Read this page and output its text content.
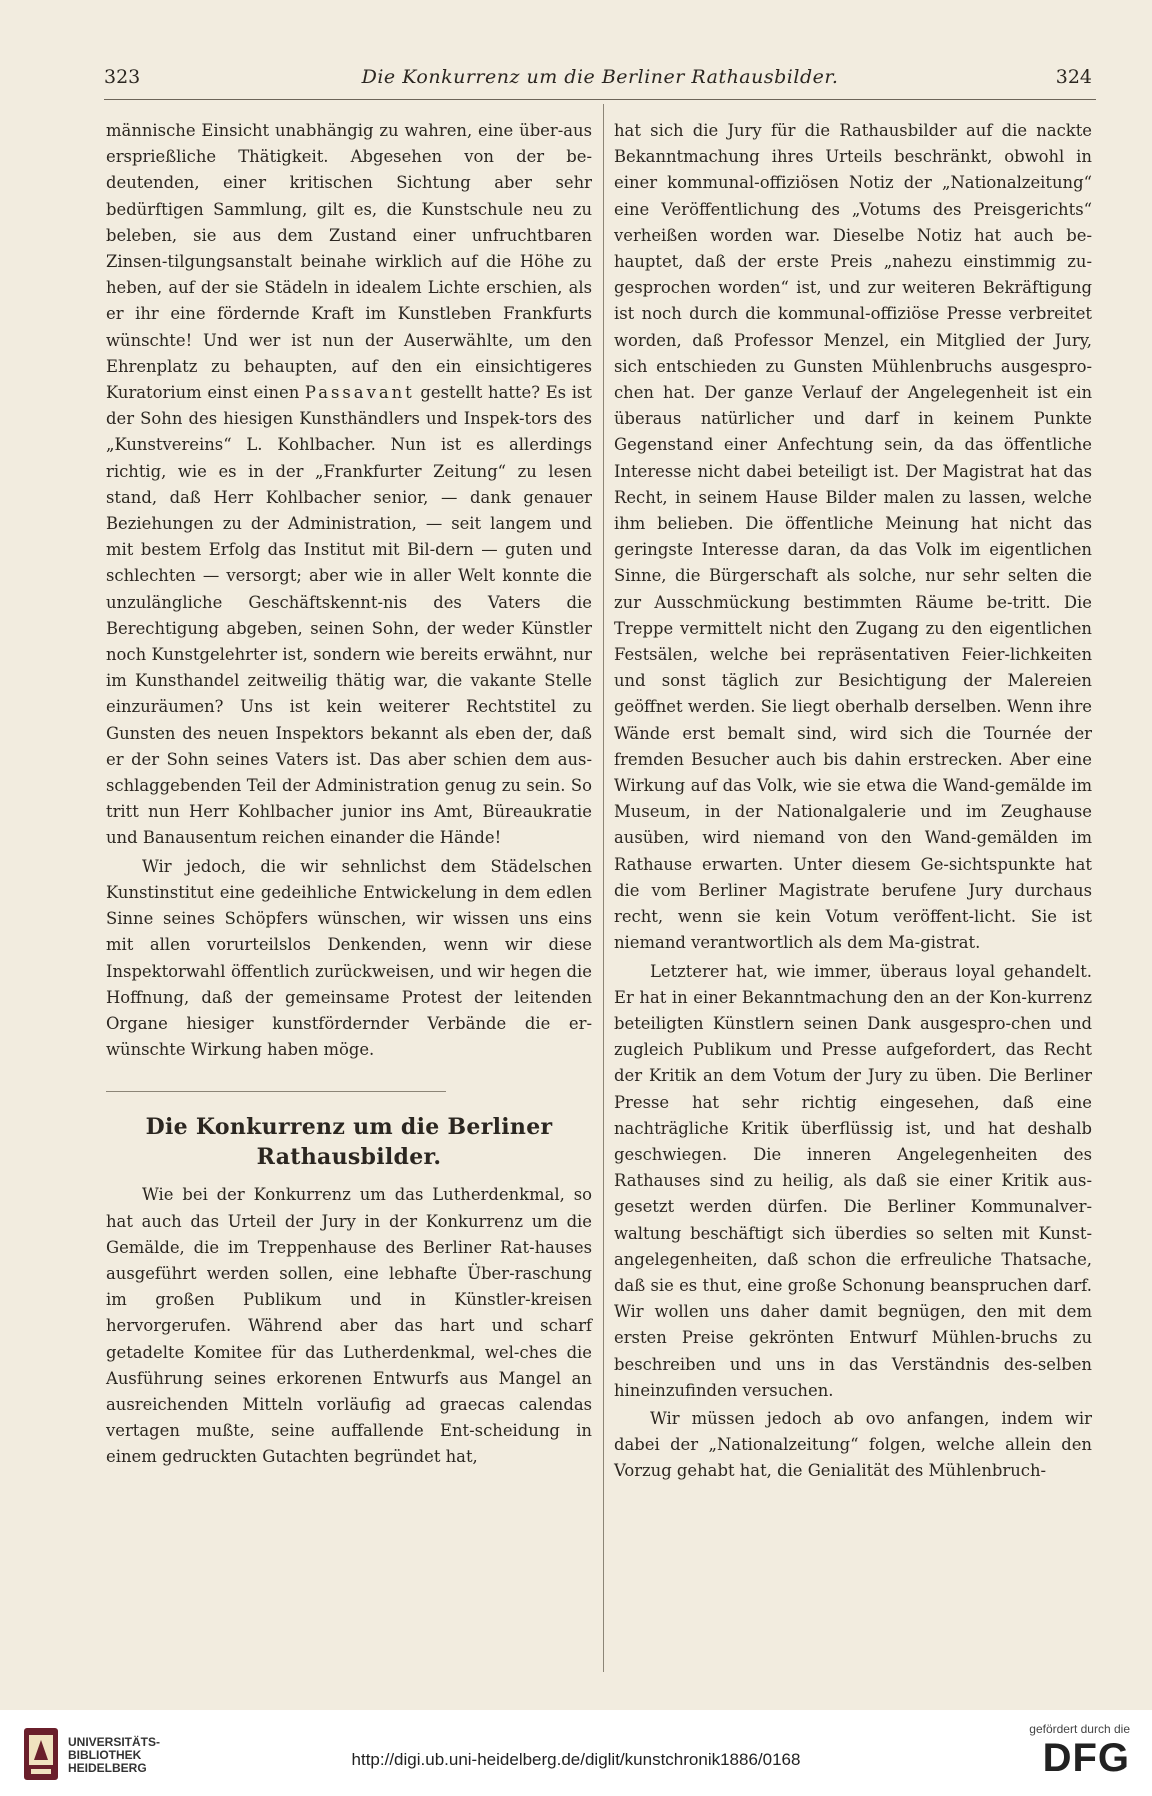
323	Die Konkurrenz um die Berliner Rathausbilder.	324

männische Einsicht unabhängig zu wahren, eine über-aus ersprießliche Thätigkeit. Abgesehen von der be-deutenden, einer kritischen Sichtung aber sehr bedürftigen Sammlung, gilt es, die Kunstschule neu zu beleben, sie aus dem Zustand einer unfruchtbaren Zinsen-tilgungsanstalt beinahe wirklich auf die Höhe zu heben, auf der sie Städeln in idealem Lichte erschien, als er ihr eine fördernde Kraft im Kunstleben Frankfurts wünschte! Und wer ist nun der Auserwählte, um den Ehrenplatz zu behaupten, auf den ein einsichtigeres Kuratorium einst einen Passavant gestellt hatte? Es ist der Sohn des hiesigen Kunsthändlers und Inspek-tors des „Kunstvereins“ L. Kohlbacher. Nun ist es allerdings richtig, wie es in der „Frankfurter Zeitung“ zu lesen stand, daß Herr Kohlbacher senior, — dank genauer Beziehungen zu der Administration, — seit langem und mit bestem Erfolg das Institut mit Bil-dern — guten und schlechten — versorgt; aber wie in aller Welt konnte die unzulängliche Geschäftskennt-nis des Vaters die Berechtigung abgeben, seinen Sohn, der weder Künstler noch Kunstgelehrter ist, sondern wie bereits erwähnt, nur im Kunsthandel zeitweilig thätig war, die vakante Stelle einzuräumen? Uns ist kein weiterer Rechtstitel zu Gunsten des neuen Inspektors bekannt als eben der, daß er der Sohn seines Vaters ist. Das aber schien dem aus-schlaggebenden Teil der Administration genug zu sein. So tritt nun Herr Kohlbacher junior ins Amt, Büreaukratie und Banausentum reichen einander die Hände!

Wir jedoch, die wir sehnlichst dem Städelschen Kunstinstitut eine gedeihliche Entwickelung in dem edlen Sinne seines Schöpfers wünschen, wir wissen uns eins mit allen vorurteilslos Denkenden, wenn wir diese Inspektorwahl öffentlich zurückweisen, und wir hegen die Hoffnung, daß der gemeinsame Protest der leitenden Organe hiesiger kunstfördernder Verbände die er-wünschte Wirkung haben möge.

Die Konkurrenz um die Berliner Rathausbilder.

Wie bei der Konkurrenz um das Lutherdenkmal, so hat auch das Urteil der Jury in der Konkurrenz um die Gemälde, die im Treppenhause des Berliner Rat-hauses ausgeführt werden sollen, eine lebhafte Über-raschung im großen Publikum und in Künstler-kreisen hervorgerufen. Während aber das hart und scharf getadelte Komitee für das Lutherdenkmal, wel-ches die Ausführung seines erkorenen Entwurfs aus Mangel an ausreichenden Mitteln vorläufig ad graecas calendas vertagen mußte, seine auffallende Ent-scheidung in einem gedruckten Gutachten begründet hat,

hat sich die Jury für die Rathausbilder auf die nackte Bekanntmachung ihres Urteils beschränkt, obwohl in einer kommunal-offiziösen Notiz der „Nationalzeitung“ eine Veröffentlichung des „Votums des Preisgerichts“ verheißen worden war. Dieselbe Notiz hat auch be-hauptet, daß der erste Preis „nahezu einstimmig zu-gesprochen worden“ ist, und zur weiteren Bekräftigung ist noch durch die kommunal-offiziöse Presse verbreitet worden, daß Professor Menzel, ein Mitglied der Jury, sich entschieden zu Gunsten Mühlenbruchs ausgespro-chen hat. Der ganze Verlauf der Angelegenheit ist ein überaus natürlicher und darf in keinem Punkte Gegenstand einer Anfechtung sein, da das öffentliche Interesse nicht dabei beteiligt ist. Der Magistrat hat das Recht, in seinem Hause Bilder malen zu lassen, welche ihm belieben. Die öffentliche Meinung hat nicht das geringste Interesse daran, da das Volk im eigentlichen Sinne, die Bürgerschaft als solche, nur sehr selten die zur Ausschmückung bestimmten Räume be-tritt. Die Treppe vermittelt nicht den Zugang zu den eigentlichen Festsälen, welche bei repräsentativen Feier-lichkeiten und sonst täglich zur Besichtigung der Malereien geöffnet werden. Sie liegt oberhalb derselben. Wenn ihre Wände erst bemalt sind, wird sich die Tournée der fremden Besucher auch bis dahin erstrecken. Aber eine Wirkung auf das Volk, wie sie etwa die Wand-gemälde im Museum, in der Nationalgalerie und im Zeughause ausüben, wird niemand von den Wand-gemälden im Rathause erwarten. Unter diesem Ge-sichtspunkte hat die vom Berliner Magistrate berufene Jury durchaus recht, wenn sie kein Votum veröffent-licht. Sie ist niemand verantwortlich als dem Ma-gistrat.

Letzterer hat, wie immer, überaus loyal gehandelt. Er hat in einer Bekanntmachung den an der Kon-kurrenz beteiligten Künstlern seinen Dank ausgespro-chen und zugleich Publikum und Presse aufgefordert, das Recht der Kritik an dem Votum der Jury zu üben. Die Berliner Presse hat sehr richtig eingesehen, daß eine nachträgliche Kritik überflüssig ist, und hat deshalb geschwiegen. Die inneren Angelegenheiten des Rathauses sind zu heilig, als daß sie einer Kritik aus-gesetzt werden dürfen. Die Berliner Kommunalver-waltung beschäftigt sich überdies so selten mit Kunst-angelegenheiten, daß schon die erfreuliche Thatsache, daß sie es thut, eine große Schonung beanspruchen darf. Wir wollen uns daher damit begnügen, den mit dem ersten Preise gekrönten Entwurf Mühlen-bruchs zu beschreiben und uns in das Verständnis des-selben hineinzufinden versuchen.

Wir müssen jedoch ab ovo anfangen, indem wir dabei der „Nationalzeitung“ folgen, welche allein den Vorzug gehabt hat, die Genialität des Mühlenbruch-

UNIVERSITÄTS-
BIBLIOTHEK
HEIDELBERG	http://digi.ub.uni-heidelberg.de/diglit/kunstchronik1886/0168
gefördert durch die
DFG
